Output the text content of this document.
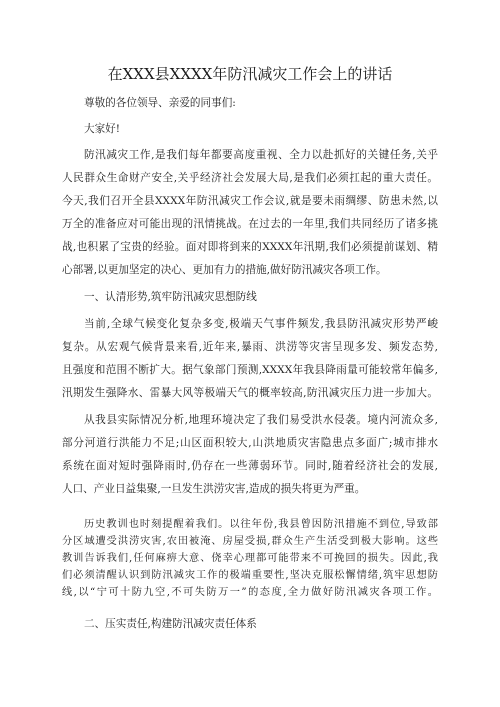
在XXX县XXXX年防汛减灾工作会上的讲话
尊敬的各位领导、亲爱的同事们:
大家好!
防汛减灾工作,是我们每年都要高度重视、全力以赴抓好的关键任务,关乎
人民群众生命财产安全,关乎经济社会发展大局,是我们必须扛起的重大责任。
今天,我们召开全县XXXX年防汛减灾工作会议,就是要未雨绸缪、防患未然,以
万全的准备应对可能出现的汛情挑战。在过去的一年里,我们共同经历了诸多挑
战,也积累了宝贵的经验。面对即将到来的XXXX年汛期,我们必须提前谋划、精
心部署,以更加坚定的决心、更加有力的措施,做好防汛减灾各项工作。
一、认清形势,筑牢防汛减灾思想防线
当前,全球气候变化复杂多变,极端天气事件频发,我县防汛减灾形势严峻
复杂。从宏观气候背景来看,近年来,暴雨、洪涝等灾害呈现多发、频发态势,
且强度和范围不断扩大。据气象部门预测,XXXX年我县降雨量可能较常年偏多,
汛期发生强降水、雷暴大风等极端天气的概率较高,防汛减灾压力进一步加大。
从我县实际情况分析,地理环境决定了我们易受洪水侵袭。境内河流众多,
部分河道行洪能力不足;山区面积较大,山洪地质灾害隐患点多面广;城市排水
系统在面对短时强降雨时,仍存在一些薄弱环节。同时,随着经济社会的发展,
人口、产业日益集聚,一旦发生洪涝灾害,造成的损失将更为严重。
历史教训也时刻提醒着我们。以往年份,我县曾因防汛措施不到位,导致部
分区域遭受洪涝灾害,农田被淹、房屋受损,群众生产生活受到极大影响。这些
教训告诉我们,任何麻痹大意、侥幸心理都可能带来不可挽回的损失。因此,我
们必须清醒认识到防汛减灾工作的极端重要性,坚决克服松懈情绪,筑牢思想防
线,以“宁可十防九空,不可失防万一”的态度,全力做好防汛减灾各项工作。
二、压实责任,构建防汛减灾责任体系
